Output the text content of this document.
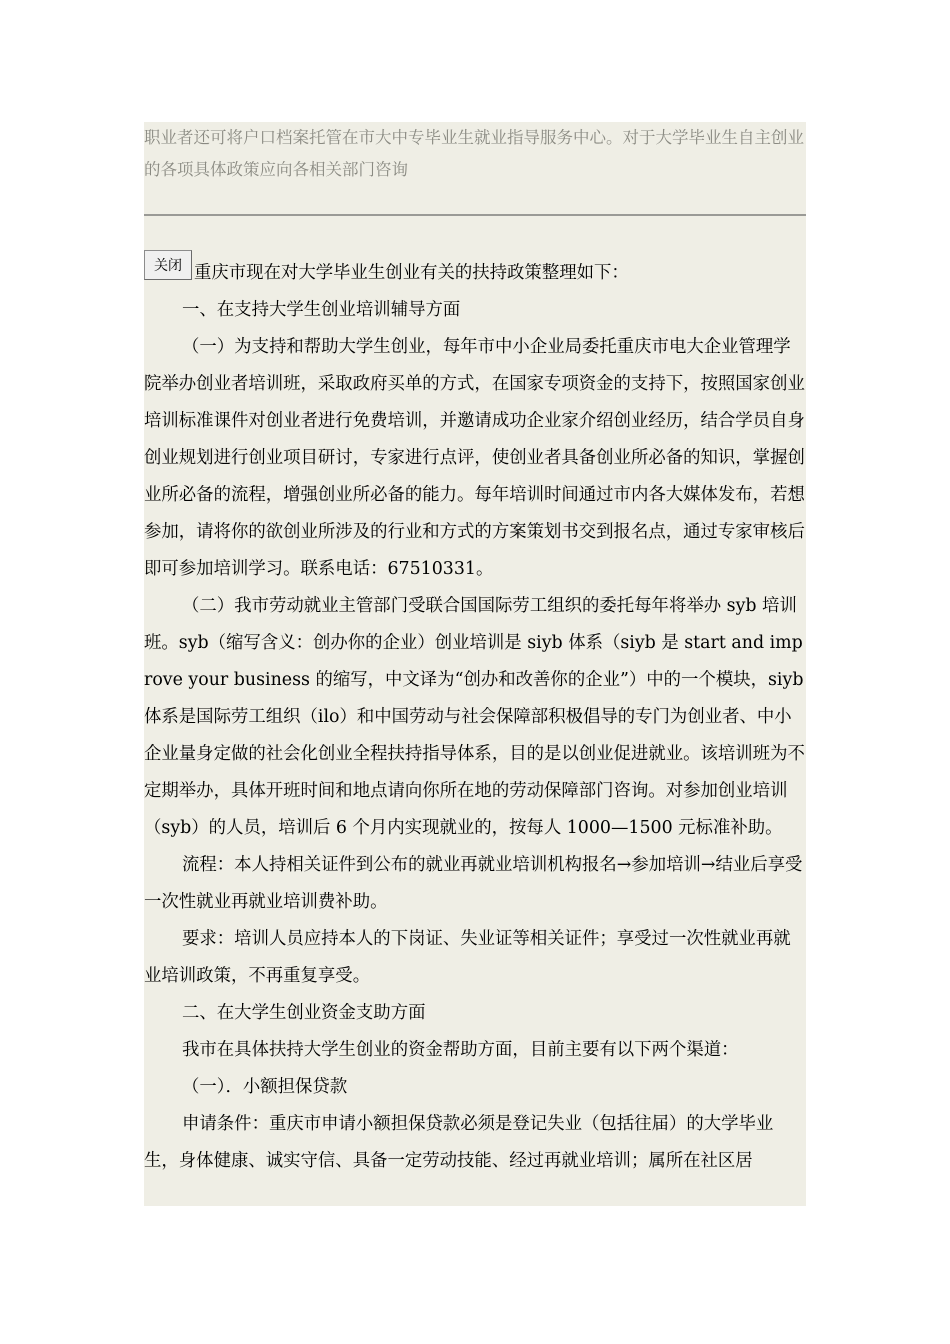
职业者还可将户口档案托管在市大中专毕业生就业指导服务中心。对于大学毕业生自主创业的各项具体政策应向各相关部门咨询

重庆市现在对大学毕业生创业有关的扶持政策整理如下：

一、在支持大学生创业培训辅导方面

（一）为支持和帮助大学生创业，每年市中小企业局委托重庆市电大企业管理学院举办创业者培训班，采取政府买单的方式，在国家专项资金的支持下，按照国家创业培训标准课件对创业者进行免费培训，并邀请成功企业家介绍创业经历，结合学员自身创业规划进行创业项目研讨，专家进行点评，使创业者具备创业所必备的知识，掌握创业所必备的流程，增强创业所必备的能力。每年培训时间通过市内各大媒体发布，若想参加，请将你的欲创业所涉及的行业和方式的方案策划书交到报名点，通过专家审核后即可参加培训学习。联系电话：67510331。

（二）我市劳动就业主管部门受联合国国际劳工组织的委托每年将举办 syb 培训班。syb（缩写含义：创办你的企业）创业培训是 siyb 体系（siyb 是 start and improve your business 的缩写，中文译为“创办和改善你的企业”）中的一个模块，siyb 体系是国际劳工组织（ilo）和中国劳动与社会保障部积极倡导的专门为创业者、中小企业量身定做的社会化创业全程扶持指导体系，目的是以创业促进就业。该培训班为不定期举办，具体开班时间和地点请向你所在地的劳动保障部门咨询。对参加创业培训（syb）的人员，培训后 6 个月内实现就业的，按每人 1000—1500 元标准补助。

流程：本人持相关证件到公布的就业再就业培训机构报名→参加培训→结业后享受一次性就业再就业培训费补助。

要求：培训人员应持本人的下岗证、失业证等相关证件；享受过一次性就业再就业培训政策，不再重复享受。

二、在大学生创业资金支助方面

我市在具体扶持大学生创业的资金帮助方面，目前主要有以下两个渠道：

（一）．小额担保贷款

申请条件：重庆市申请小额担保贷款必须是登记失业（包括往届）的大学毕业生，身体健康、诚实守信、具备一定劳动技能、经过再就业培训；属所在社区居

关闭
